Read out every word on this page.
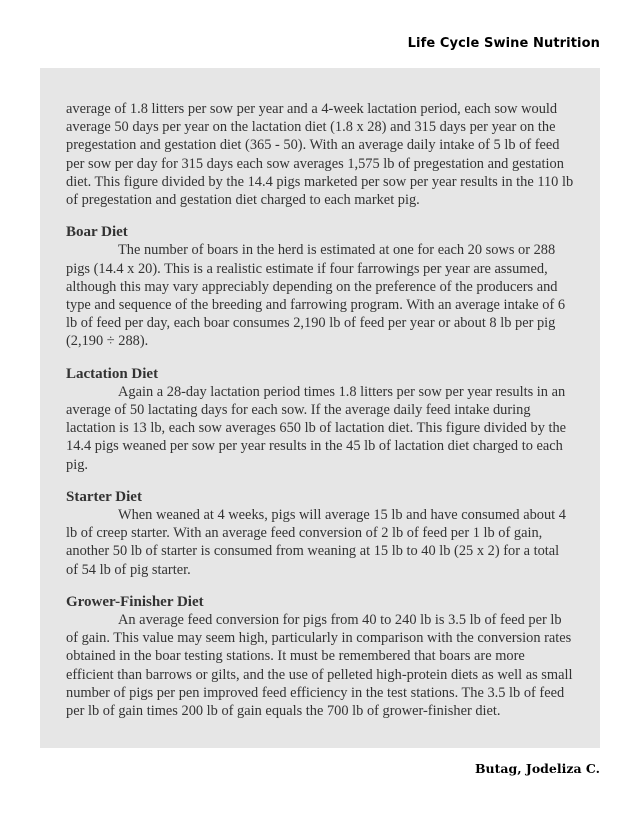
Life Cycle Swine Nutrition

average of 1.8 litters per sow per year and a 4-week lactation period, each sow would average 50 days per year on the lactation diet (1.8 x 28) and 315 days per year on the pregestation and gestation diet (365 - 50). With an average daily intake of 5 lb of feed per sow per day for 315 days each sow averages 1,575 lb of pregestation and gestation diet. This figure divided by the 14.4 pigs marketed per sow per year results in the 110 lb of pregestation and gestation diet charged to each market pig.

Boar Diet

The number of boars in the herd is estimated at one for each 20 sows or 288 pigs (14.4 x 20). This is a realistic estimate if four farrowings per year are assumed, although this may vary appreciably depending on the preference of the producers and type and sequence of the breeding and farrowing program. With an average intake of 6 lb of feed per day, each boar consumes 2,190 lb of feed per year or about 8 lb per pig (2,190 ÷ 288).

Lactation Diet

Again a 28-day lactation period times 1.8 litters per sow per year results in an average of 50 lactating days for each sow. If the average daily feed intake during lactation is 13 lb, each sow averages 650 lb of lactation diet. This figure divided by the 14.4 pigs weaned per sow per year results in the 45 lb of lactation diet charged to each pig.

Starter Diet

When weaned at 4 weeks, pigs will average 15 lb and have consumed about 4 lb of creep starter. With an average feed conversion of 2 lb of feed per 1 lb of gain, another 50 lb of starter is consumed from weaning at 15 lb to 40 lb (25 x 2) for a total of 54 lb of pig starter.

Grower-Finisher Diet

An average feed conversion for pigs from 40 to 240 lb is 3.5 lb of feed per lb of gain. This value may seem high, particularly in comparison with the conversion rates obtained in the boar testing stations. It must be remembered that boars are more efficient than barrows or gilts, and the use of pelleted high-protein diets as well as small number of pigs per pen improved feed efficiency in the test stations. The 3.5 lb of feed per lb of gain times 200 lb of gain equals the 700 lb of grower-finisher diet.

Butag, Jodeliza C.
